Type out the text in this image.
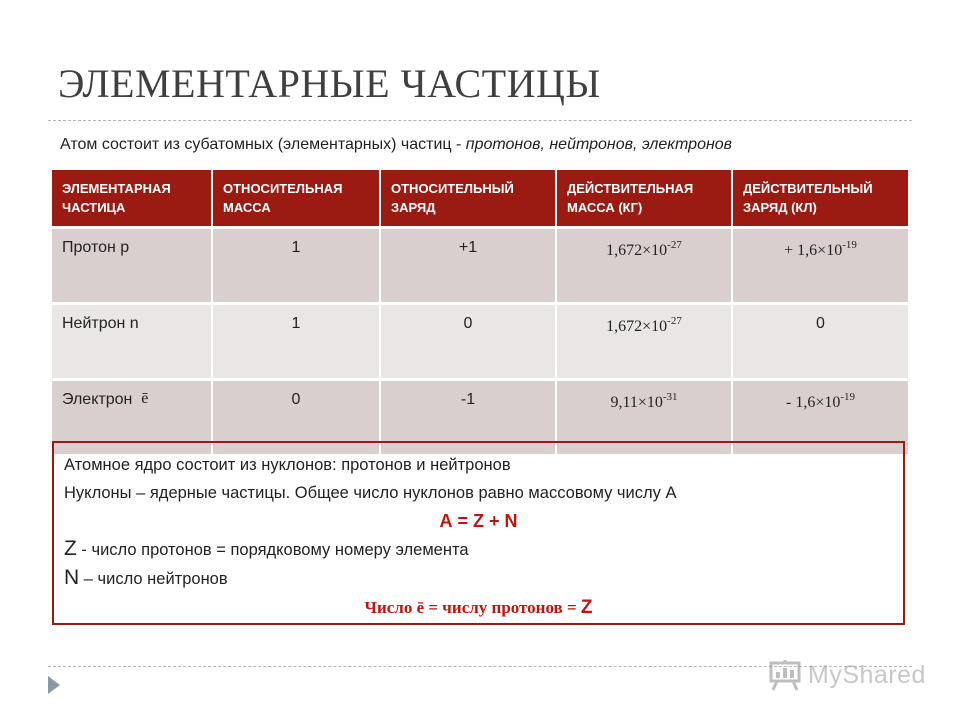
ЭЛЕМЕНТАРНЫЕ ЧАСТИЦЫ
Атом состоит из субатомных (элементарных) частиц - протонов, нейтронов, электронов
ЭЛЕМЕНТАРНАЯ ЧАСТИЦА	ОТНОСИТЕЛЬНАЯ МАССА	ОТНОСИТЕЛЬНЫЙ ЗАРЯД	ДЕЙСТВИТЕЛЬНАЯ МАССА (КГ)	ДЕЙСТВИТЕЛЬНЫЙ ЗАРЯД (КЛ)
Протон р	1	+1	$1,672\times 10^{-27}$	+ $1,6\times 10^{-19}$
Нейтрон n	1	0	$1,672\times 10^{-27}$	0
Электрон ē	0	-1	$9,11\times 10^{-31}$	- $1,6\times 10^{-19}$
Атомное ядро состоит из нуклонов: протонов и нейтронов
Нуклоны – ядерные частицы. Общее число нуклонов равно массовому числу А
А = Z + N
Z - число протонов = порядковому номеру элемента
N – число нейтронов
Число ē = числу протонов = Z
MyShared
